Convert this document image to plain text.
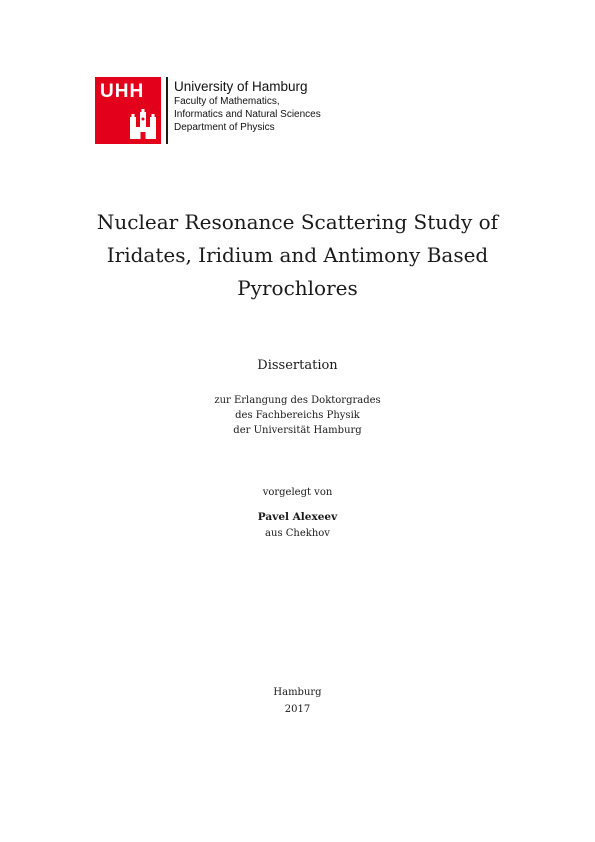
UHH University of Hamburg

Faculty of Mathematics,

Informatics and Natural Sciences

Department of Physics

Nuclear Resonance Scattering Study of
Iridates, Iridium and Antimony Based
Pyrochlores

Dissertation

zur Erlangung des Doktorgrades
des Fachbereichs Physik
der Universität Hamburg

vorgelegt von

Pavel Alexeev

aus Chekhov

Hamburg

2017
